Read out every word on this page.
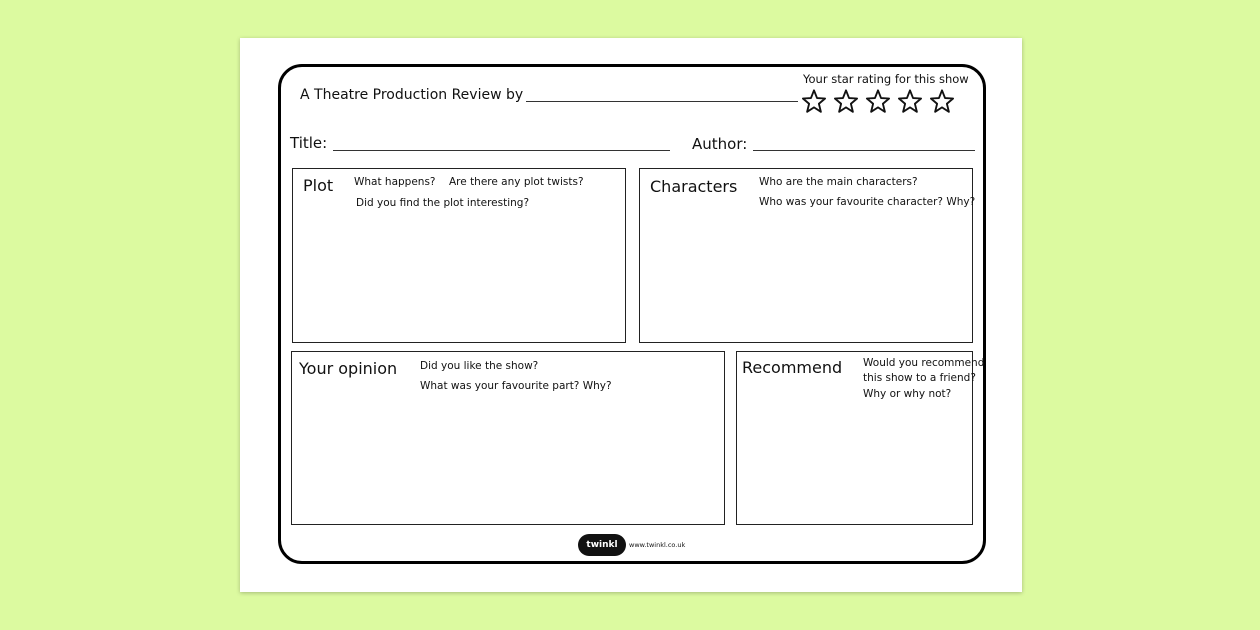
A Theatre Production Review by
Your star rating for this show
Title:	Author:
Plot What happens? Are there any plot twists?
Did you find the plot interesting?
Characters Who are the main characters?
Who was your favourite character? Why?
Your opinion Did you like the show?
What was your favourite part? Why?
Recommend Would you recommend
this show to a friend?
Why or why not?
twinkl	www.twinkl.co.uk
